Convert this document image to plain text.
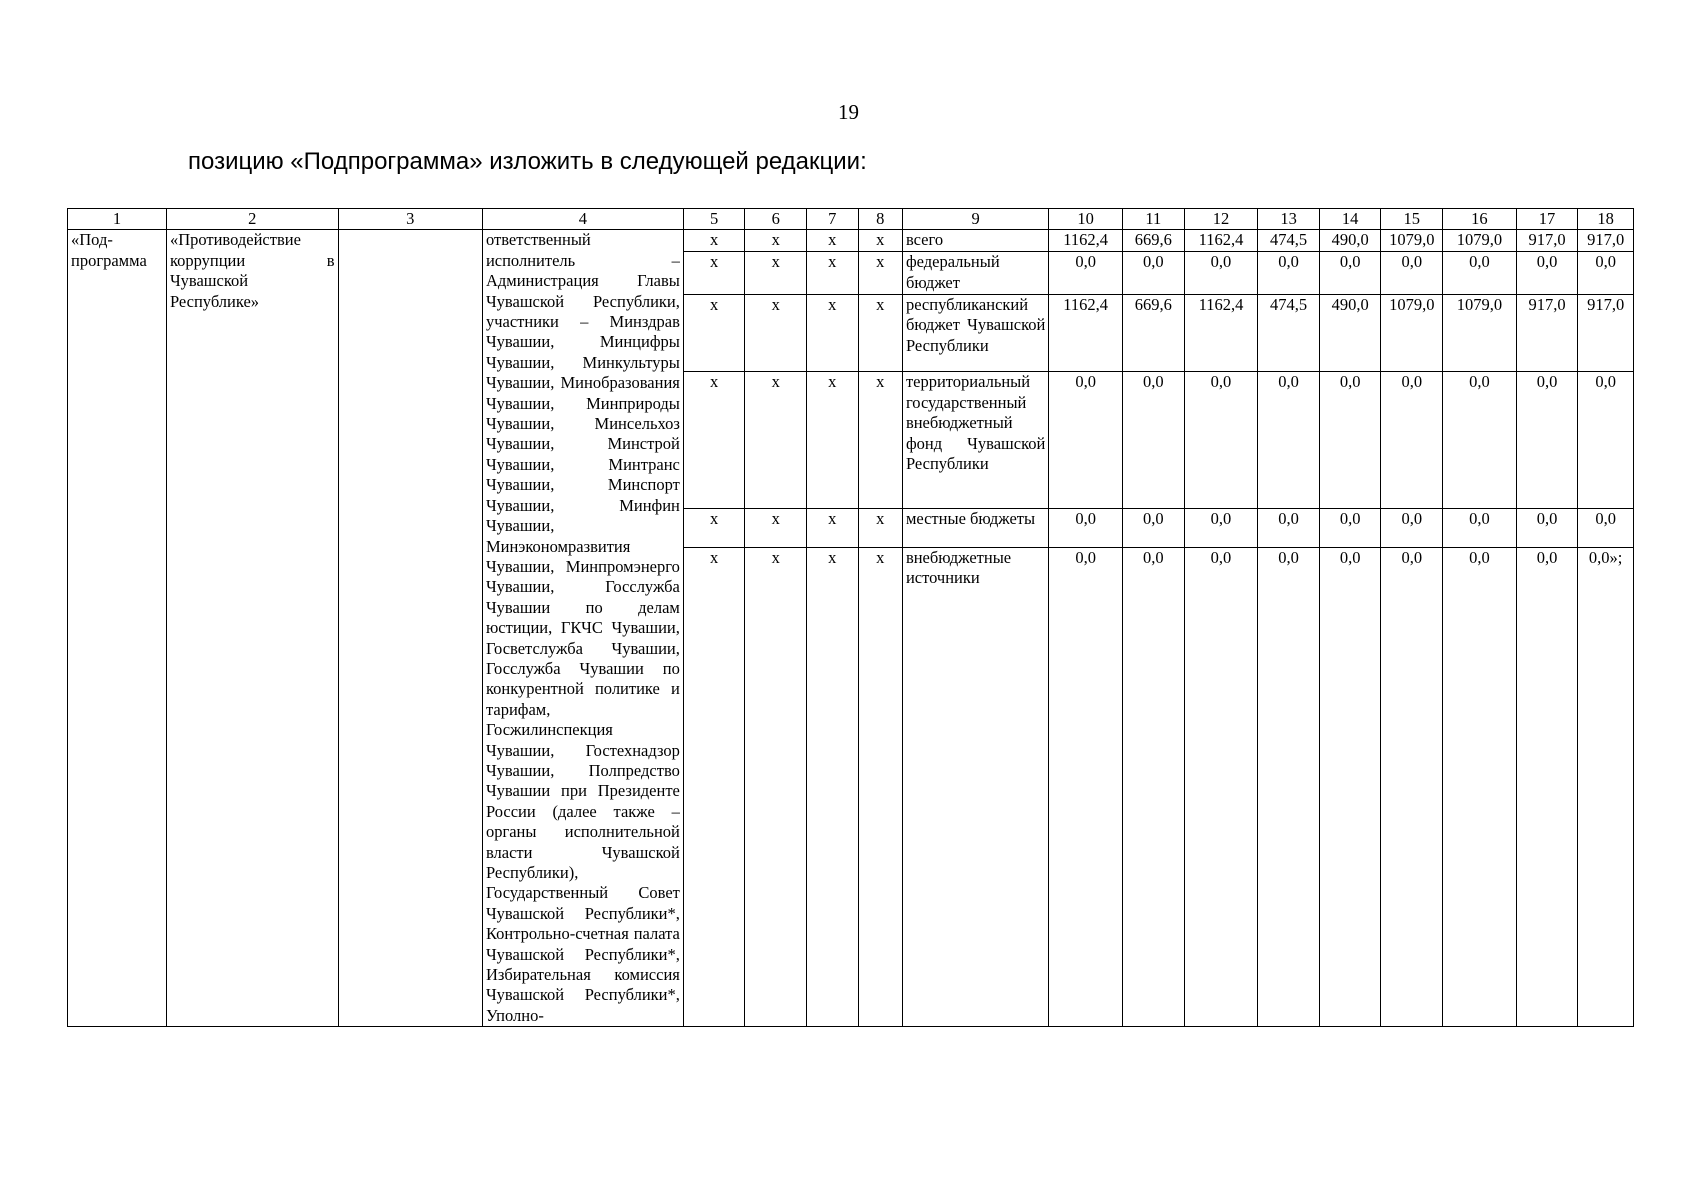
19
позицию «Подпрограмма» изложить в следующей редакции:
1	2	3	4	5	6	7	8	9	10	11	12	13	14	15	16	17	18
«Под-программа	«Противодействие коррупции в Чувашской Республике»		ответственный исполнитель – Администрация Главы Чувашской Республики, участники – Минздрав Чувашии, Минцифры Чувашии, Минкультуры Чувашии, Минобразования Чувашии, Минприроды Чувашии, Минсельхоз Чувашии, Минстрой Чувашии, Минтранс Чувашии, Минспорт Чувашии, Минфин Чувашии, Минэкономразвития Чувашии, Минпромэнерго Чувашии, Госслужба Чувашии по делам юстиции, ГКЧС Чувашии, Госветслужба Чувашии, Госслужба Чувашии по конкурентной политике и тарифам, Госжилинспекция Чувашии, Гостехнадзор Чувашии, Полпредство Чувашии при Президенте России (далее также – органы исполнительной власти Чувашской Республики), Государственный Совет Чувашской Республики*, Контрольно-счетная палата Чувашской Республики*, Избирательная комиссия Чувашской Республики*, Уполно-	х	х	х	х	всего	1162,4	669,6	1162,4	474,5	490,0	1079,0	1079,0	917,0	917,0
				х	х	х	х	федеральный бюджет	0,0	0,0	0,0	0,0	0,0	0,0	0,0	0,0	0,0
				х	х	х	х	республиканский бюджет Чувашской Республики	1162,4	669,6	1162,4	474,5	490,0	1079,0	1079,0	917,0	917,0
				х	х	х	х	территориальный государственный внебюджетный фонд Чувашской Республики	0,0	0,0	0,0	0,0	0,0	0,0	0,0	0,0	0,0
				х	х	х	х	местные бюджеты	0,0	0,0	0,0	0,0	0,0	0,0	0,0	0,0	0,0
				х	х	х	х	внебюджетные источники	0,0	0,0	0,0	0,0	0,0	0,0	0,0	0,0	0,0»;
